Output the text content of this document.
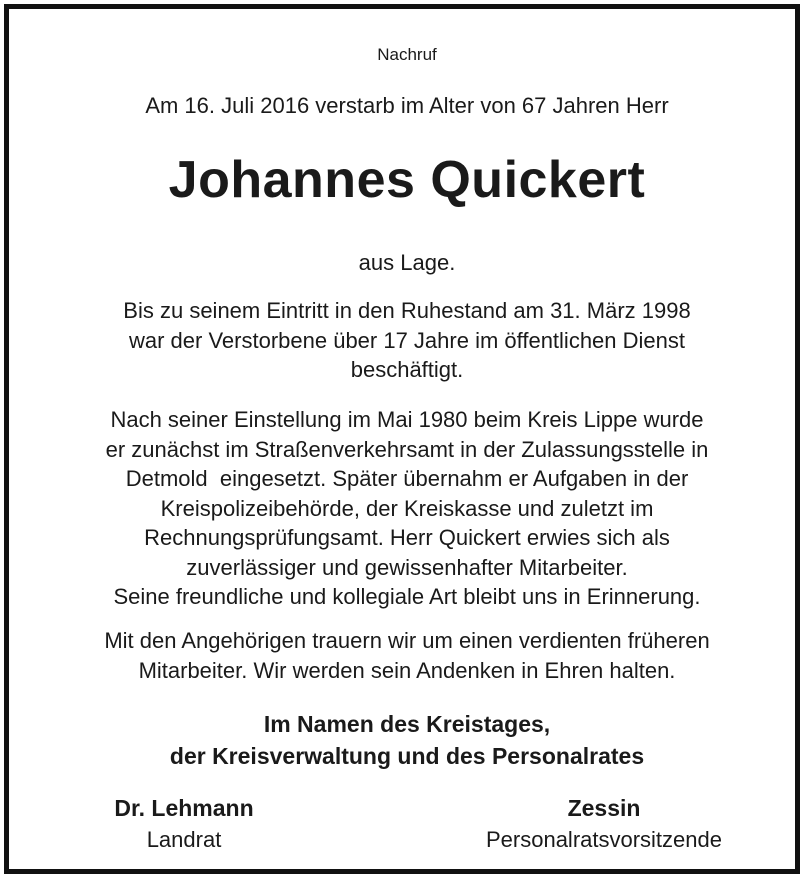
Nachruf
Am 16. Juli 2016 verstarb im Alter von 67 Jahren Herr
Johannes Quickert
aus Lage.
Bis zu seinem Eintritt in den Ruhestand am 31. März 1998
war der Verstorbene über 17 Jahre im öffentlichen Dienst
beschäftigt.
Nach seiner Einstellung im Mai 1980 beim Kreis Lippe wurde
er zunächst im Straßenverkehrsamt in der Zulassungsstelle in
Detmold  eingesetzt. Später übernahm er Aufgaben in der
Kreispolizeibehörde, der Kreiskasse und zuletzt im
Rechnungsprüfungsamt. Herr Quickert erwies sich als
zuverlässiger und gewissenhafter Mitarbeiter.
Seine freundliche und kollegiale Art bleibt uns in Erinnerung.
Mit den Angehörigen trauern wir um einen verdienten früheren
Mitarbeiter. Wir werden sein Andenken in Ehren halten.
Im Namen des Kreistages,
der Kreisverwaltung und des Personalrates
Dr. Lehmann
Landrat
Zessin
Personalratsvorsitzende
